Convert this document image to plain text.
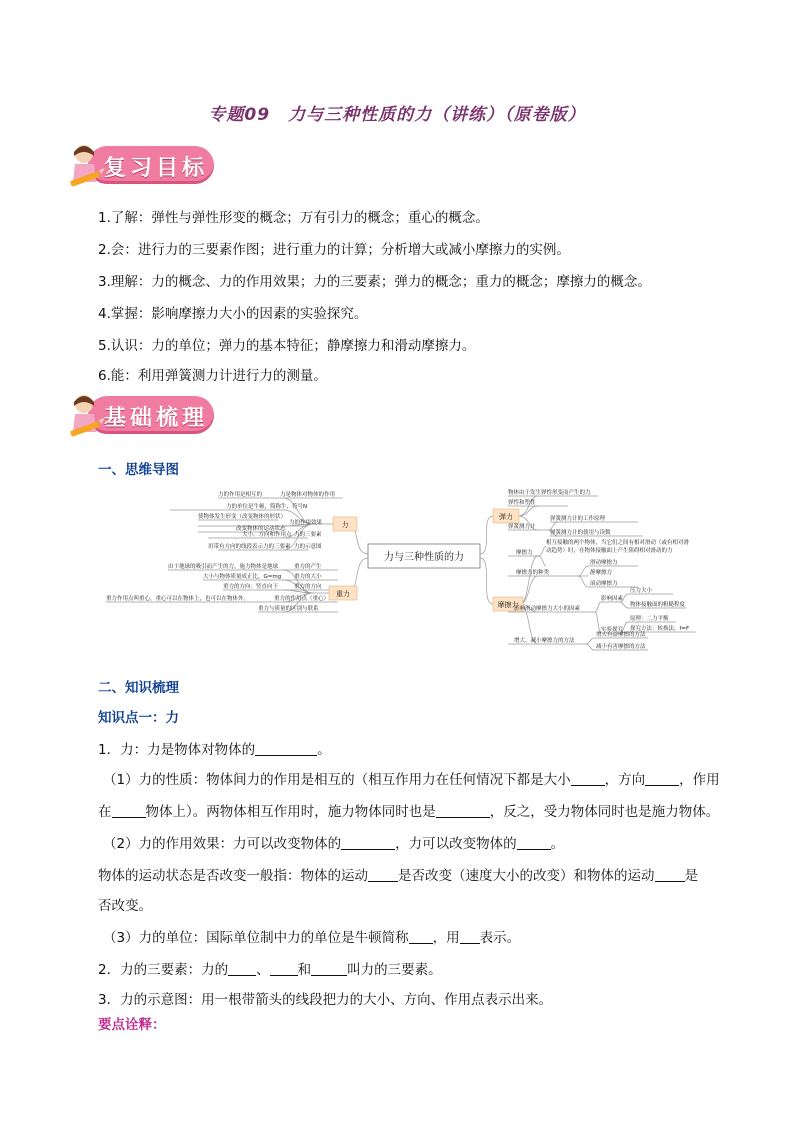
专题09　力与三种性质的力（讲练）（原卷版）
复习目标
1.了解：弹性与弹性形变的概念；万有引力的概念；重心的概念。
2.会：进行力的三要素作图；进行重力的计算；分析增大或减小摩擦力的实例。
3.理解：力的概念、力的作用效果；力的三要素；弹力的概念；重力的概念；摩擦力的概念。
4.掌握：影响摩擦力大小的因素的实验探究。
5.认识：力的单位；弹力的基本特征；静摩擦力和滑动摩擦力。
6.能：利用弹簧测力计进行力的测量。
基础梳理
一、思维导图
力与三种性质的力
力
重力
弹力
摩擦力
力的作用是相互的	力是物体对物体的作用
力的单位是牛顿，简称牛，符号N
使物体发生形变（改变物体的形状）
改变物体的运动状态
力的作用效果
大小、方向和作用点 力的三要素
用带有方向的线段表示力的三要素 力的示意图
由于地球的吸引而产生的力，施力物体是地球	重力的产生
大小与物体质量成正比，G=mg 重力的大小
重力的方向：竖直向下	重力的方向
重力作用点叫重心，重心可以在物体上，也可以在物体外。	重力的作用点（重心）
重力与质量的区别与联系
物体由于发生弹性形变而产生的力
弹性和塑性
弹簧测力计
弹簧测力计的工作原理
弹簧测力计的使用与读数
摩擦力
相互接触的两个物体，当它们之间有相对滑动（或有相对滑
动趋势）时，在物体接触面上产生阻碍相对滑动的力
摩擦力的种类
滑动摩擦力
静摩擦力
滚动摩擦力
影响滑动摩擦力大小的因素
影响因素
压力大小
物体接触面的粗糙程度
实验探究
原理：二力平衡
探究方法：转换法，f=F
增大、减小摩擦力的方法
增大有益摩擦的方法
减小有害摩擦的方法
二、知识梳理
知识点一：力
1．力：力是物体对物体的	。
（1）力的性质：物体间力的作用是相互的（相互作用力在任何情况下都是大小	，方向	，作用
在	物体上）。两物体相互作用时，施力物体同时也是	，反之，受力物体同时也是施力物体。
（2）力的作用效果：力可以改变物体的	，力可以改变物体的	。
物体的运动状态是否改变一般指：物体的运动 是否改变（速度大小的改变）和物体的运动 是
否改变。
（3）力的单位：国际单位制中力的单位是牛顿简称 ，用 表示。
2．力的三要素：力的 、 和	叫力的三要素。
3．力的示意图：用一根带箭头的线段把力的大小、方向、作用点表示出来。
要点诠释：
